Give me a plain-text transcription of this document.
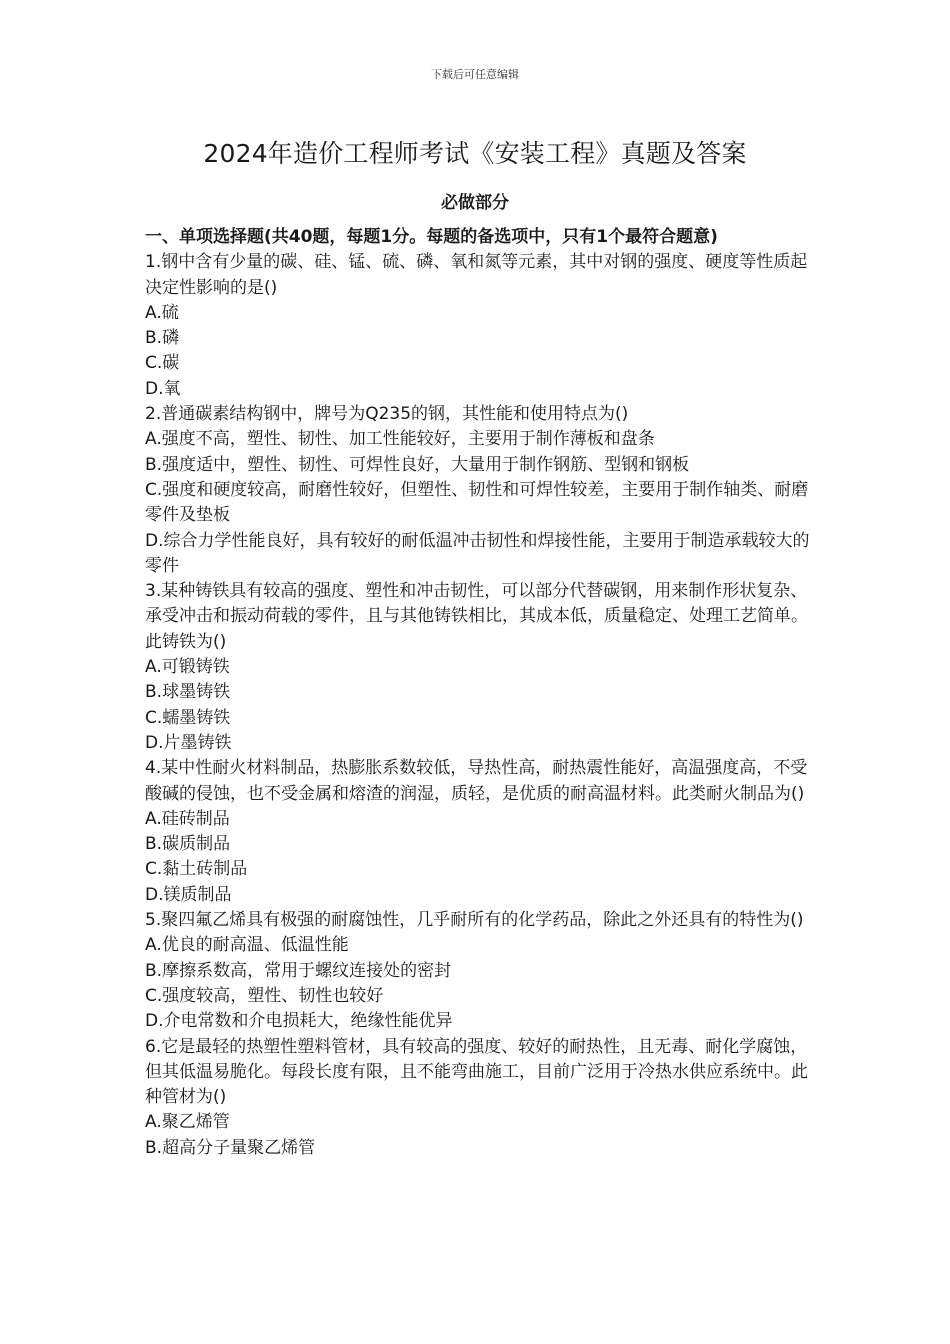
下载后可任意编辑
2024年造价工程师考试《安装工程》真题及答案
必做部分

一、单项选择题(共40题，每题1分。每题的备选项中，只有1个最符合题意)

1.钢中含有少量的碳、硅、锰、硫、磷、氧和氮等元素，其中对钢的强度、硬度等性质起决定性影响的是()

A.硫

B.磷

C.碳

D.氧

2.普通碳素结构钢中，牌号为Q235的钢，其性能和使用特点为()

A.强度不高，塑性、韧性、加工性能较好，主要用于制作薄板和盘条

B.强度适中，塑性、韧性、可焊性良好，大量用于制作钢筋、型钢和钢板

C.强度和硬度较高，耐磨性较好，但塑性、韧性和可焊性较差，主要用于制作轴类、耐磨零件及垫板

D.综合力学性能良好，具有较好的耐低温冲击韧性和焊接性能，主要用于制造承载较大的零件

3.某种铸铁具有较高的强度、塑性和冲击韧性，可以部分代替碳钢，用来制作形状复杂、承受冲击和振动荷载的零件，且与其他铸铁相比，其成本低，质量稳定、处理工艺简单。此铸铁为()

A.可锻铸铁

B.球墨铸铁

C.蠕墨铸铁

D.片墨铸铁

4.某中性耐火材料制品，热膨胀系数较低，导热性高，耐热震性能好，高温强度高，不受酸碱的侵蚀，也不受金属和熔渣的润湿，质轻，是优质的耐高温材料。此类耐火制品为()

A.硅砖制品

B.碳质制品

C.黏土砖制品

D.镁质制品

5.聚四氟乙烯具有极强的耐腐蚀性，几乎耐所有的化学药品，除此之外还具有的特性为()

A.优良的耐高温、低温性能

B.摩擦系数高，常用于螺纹连接处的密封

C.强度较高，塑性、韧性也较好

D.介电常数和介电损耗大，绝缘性能优异

6.它是最轻的热塑性塑料管材，具有较高的强度、较好的耐热性，且无毒、耐化学腐蚀，但其低温易脆化。每段长度有限，且不能弯曲施工，目前广泛用于冷热水供应系统中。此种管材为()

A.聚乙烯管

B.超高分子量聚乙烯管
